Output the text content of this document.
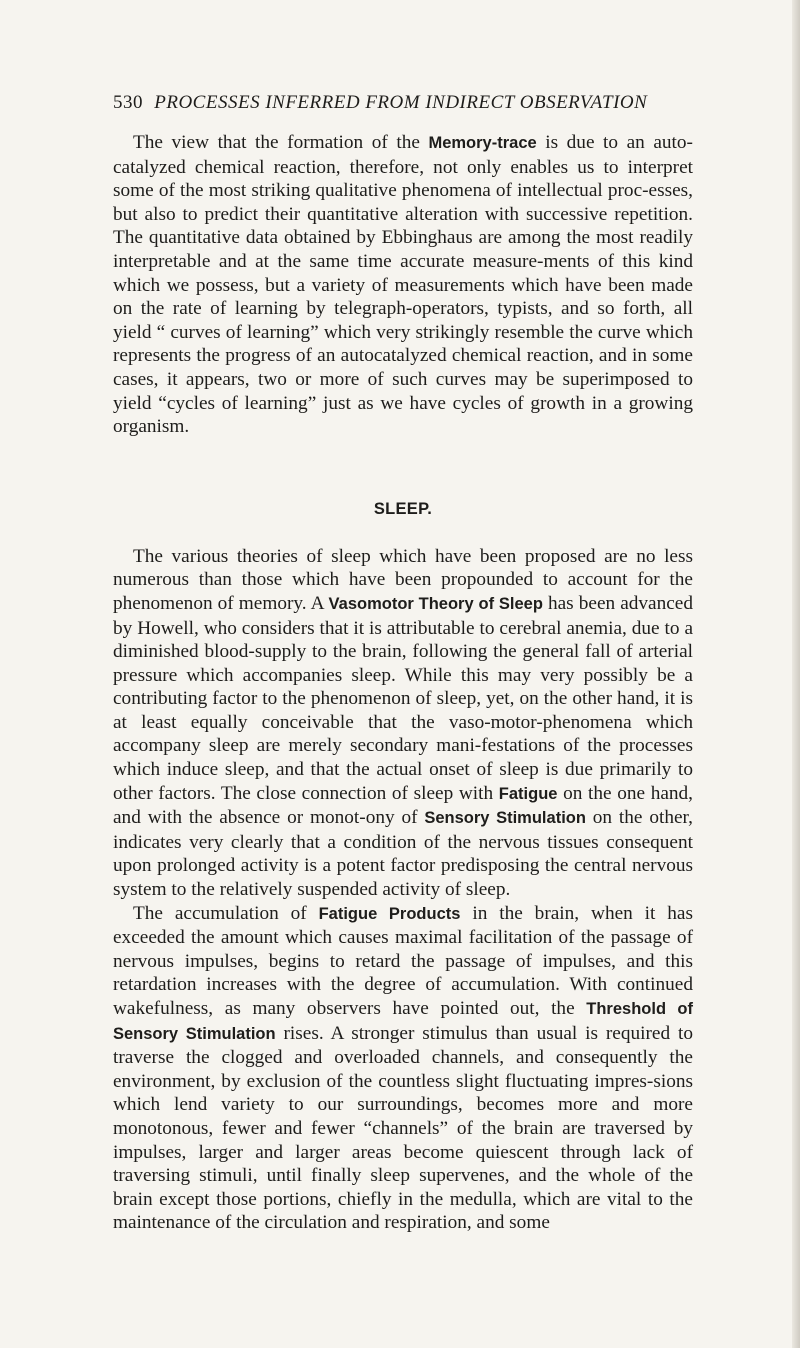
530 PROCESSES INFERRED FROM INDIRECT OBSERVATION

The view that the formation of the Memory-trace is due to an auto-catalyzed chemical reaction, therefore, not only enables us to interpret some of the most striking qualitative phenomena of intellectual proc-esses, but also to predict their quantitative alteration with successive repetition. The quantitative data obtained by Ebbinghaus are among the most readily interpretable and at the same time accurate measure-ments of this kind which we possess, but a variety of measurements which have been made on the rate of learning by telegraph-operators, typists, and so forth, all yield “ curves of learning” which very strikingly resemble the curve which represents the progress of an autocatalyzed chemical reaction, and in some cases, it appears, two or more of such curves may be superimposed to yield “cycles of learning” just as we have cycles of growth in a growing organism.

SLEEP.

The various theories of sleep which have been proposed are no less numerous than those which have been propounded to account for the phenomenon of memory. A Vasomotor Theory of Sleep has been advanced by Howell, who considers that it is attributable to cerebral anemia, due to a diminished blood-supply to the brain, following the general fall of arterial pressure which accompanies sleep. While this may very possibly be a contributing factor to the phenomenon of sleep, yet, on the other hand, it is at least equally conceivable that the vaso-motor-phenomena which accompany sleep are merely secondary mani-festations of the processes which induce sleep, and that the actual onset of sleep is due primarily to other factors. The close connection of sleep with Fatigue on the one hand, and with the absence or monot-ony of Sensory Stimulation on the other, indicates very clearly that a condition of the nervous tissues consequent upon prolonged activity is a potent factor predisposing the central nervous system to the relatively suspended activity of sleep.

The accumulation of Fatigue Products in the brain, when it has exceeded the amount which causes maximal facilitation of the passage of nervous impulses, begins to retard the passage of impulses, and this retardation increases with the degree of accumulation. With continued wakefulness, as many observers have pointed out, the Threshold of Sensory Stimulation rises. A stronger stimulus than usual is required to traverse the clogged and overloaded channels, and consequently the environment, by exclusion of the countless slight fluctuating impres-sions which lend variety to our surroundings, becomes more and more monotonous, fewer and fewer “channels” of the brain are traversed by impulses, larger and larger areas become quiescent through lack of traversing stimuli, until finally sleep supervenes, and the whole of the brain except those portions, chiefly in the medulla, which are vital to the maintenance of the circulation and respiration, and some
